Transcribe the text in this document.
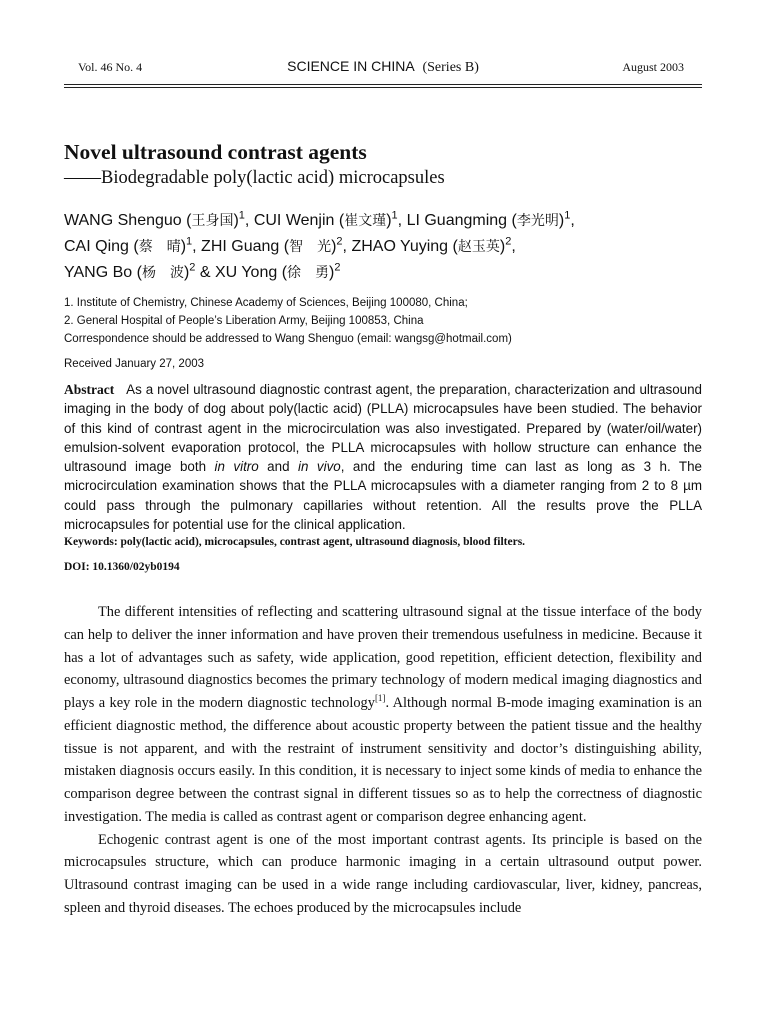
Vol. 46 No. 4	SCIENCE IN CHINA (Series B)	August 2003
Novel ultrasound contrast agents
——Biodegradable poly(lactic acid) microcapsules
WANG Shenguo (王身国)$^1$, CUI Wenjin (崔文瑾)$^1$, LI Guangming (李光明)$^1$,
CAI Qing (蔡　晴)$^1$, ZHI Guang (智　光)$^2$, ZHAO Yuying (赵玉英)$^2$,
YANG Bo (杨　波)$^2$ & XU Yong (徐　勇)$^2$
1. Institute of Chemistry, Chinese Academy of Sciences, Beijing 100080, China;
2. General Hospital of People’s Liberation Army, Beijing 100853, China
Correspondence should be addressed to Wang Shenguo (email: wangsg@hotmail.com)
Received January 27, 2003
Abstract As a novel ultrasound diagnostic contrast agent, the preparation, characterization and ultrasound imaging in the body of dog about poly(lactic acid) (PLLA) microcapsules have been studied. The behavior of this kind of contrast agent in the microcirculation was also investigated. Prepared by (water/oil/water) emulsion-solvent evaporation protocol, the PLLA microcapsules with hollow structure can enhance the ultrasound image both in vitro and in vivo, and the enduring time can last as long as 3 h. The microcirculation examination shows that the PLLA microcapsules with a diameter ranging from 2 to 8 µm could pass through the pulmonary capillaries without retention. All the results prove the PLLA microcapsules for potential use for the clinical application.
Keywords: poly(lactic acid), microcapsules, contrast agent, ultrasound diagnosis, blood filters.
DOI: 10.1360/02yb0194

The different intensities of reflecting and scattering ultrasound signal at the tissue interface of the body can help to deliver the inner information and have proven their tremendous usefulness in medicine. Because it has a lot of advantages such as safety, wide application, good repetition, efficient detection, flexibility and economy, ultrasound diagnostics becomes the primary technology of modern medical imaging diagnostics and plays a key role in the modern diagnostic technology[1]. Although normal B-mode imaging examination is an efficient diagnostic method, the difference about acoustic property between the patient tissue and the healthy tissue is not apparent, and with the restraint of instrument sensitivity and doctor’s distinguishing ability, mistaken diagnosis occurs easily. In this condition, it is necessary to inject some kinds of media to enhance the comparison degree between the contrast signal in different tissues so as to help the correctness of diagnostic investigation. The media is called as contrast agent or comparison degree enhancing agent.

Echogenic contrast agent is one of the most important contrast agents. Its principle is based on the microcapsules structure, which can produce harmonic imaging in a certain ultrasound output power. Ultrasound contrast imaging can be used in a wide range including cardiovascular, liver, kidney, pancreas, spleen and thyroid diseases. The echoes produced by the microcapsules include
